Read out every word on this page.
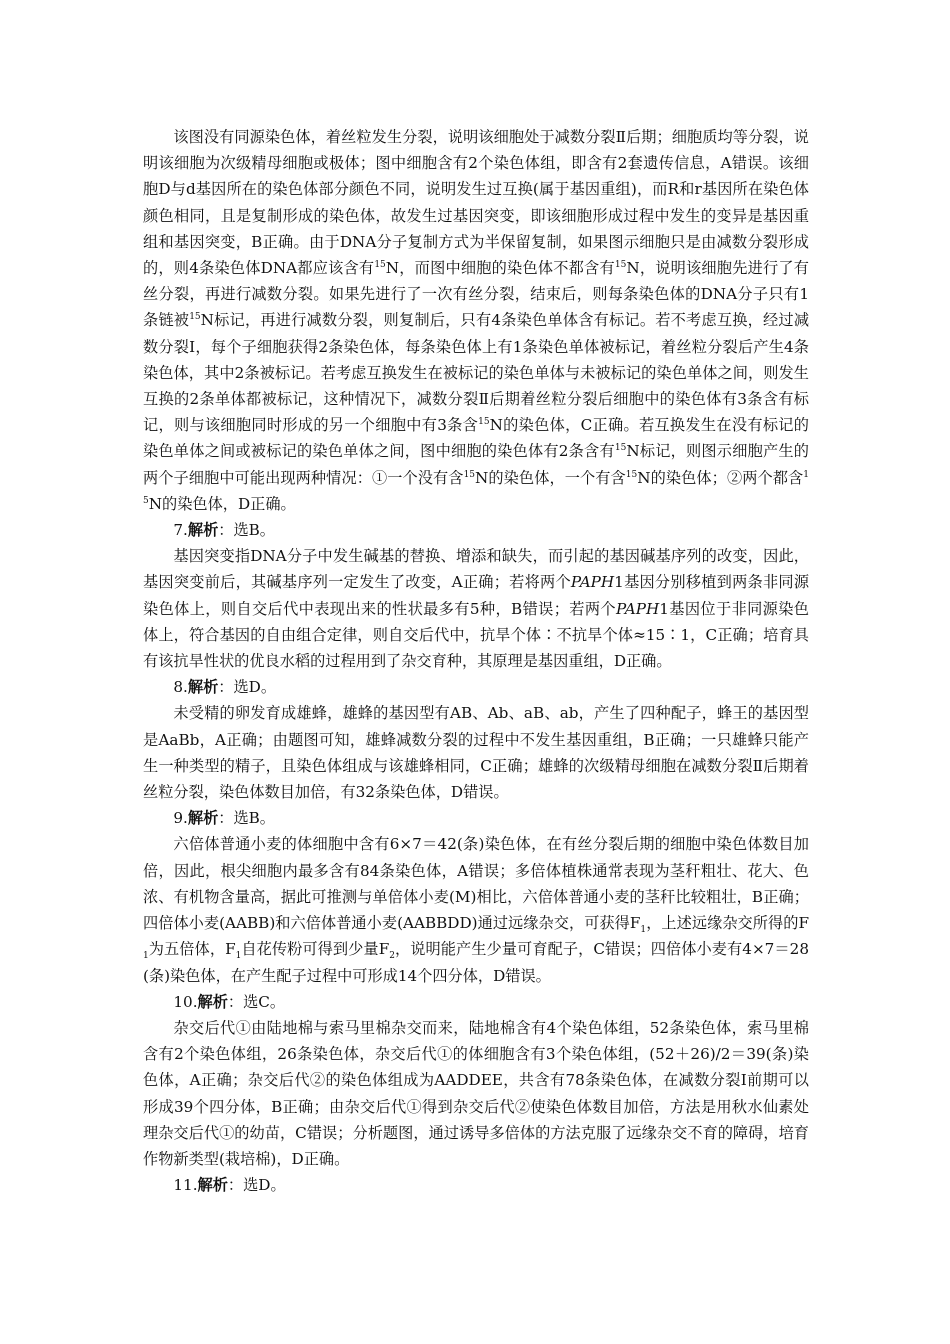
该图没有同源染色体，着丝粒发生分裂，说明该细胞处于减数分裂Ⅱ后期；细胞质均等分裂，说明该细胞为次级精母细胞或极体；图中细胞含有2个染色体组，即含有2套遗传信息，A错误。该细胞D与d基因所在的染色体部分颜色不同，说明发生过互换(属于基因重组)，而R和r基因所在染色体颜色相同，且是复制形成的染色体，故发生过基因突变，即该细胞形成过程中发生的变异是基因重组和基因突变，B正确。由于DNA分子复制方式为半保留复制，如果图示细胞只是由减数分裂形成的，则4条染色体DNA都应该含有$^{15}$N，而图中细胞的染色体不都含有$^{15}$N，说明该细胞先进行了有丝分裂，再进行减数分裂。如果先进行了一次有丝分裂，结束后，则每条染色体的DNA分子只有1条链被$^{15}$N标记，再进行减数分裂，则复制后，只有4条染色单体含有标记。若不考虑互换，经过减数分裂Ⅰ，每个子细胞获得2条染色体，每条染色体上有1条染色单体被标记，着丝粒分裂后产生4条染色体，其中2条被标记。若考虑互换发生在被标记的染色单体与未被标记的染色单体之间，则发生互换的2条单体都被标记，这种情况下，减数分裂Ⅱ后期着丝粒分裂后细胞中的染色体有3条含有标记，则与该细胞同时形成的另一个细胞中有3条含$^{15}$N的染色体，C正确。若互换发生在没有标记的染色单体之间或被标记的染色单体之间，图中细胞的染色体有2条含有$^{15}$N标记，则图示细胞产生的两个子细胞中可能出现两种情况：①一个没有含$^{15}$N的染色体，一个有含$^{15}$N的染色体；②两个都含$^{15}$N的染色体，D正确。

7.解析：选B。

基因突变指DNA分子中发生碱基的替换、增添和缺失，而引起的基因碱基序列的改变，因此，基因突变前后，其碱基序列一定发生了改变，A正确；若将两个PAPH1基因分别移植到两条非同源染色体上，则自交后代中表现出来的性状最多有5种，B错误；若两个PAPH1基因位于非同源染色体上，符合基因的自由组合定律，则自交后代中，抗旱个体∶不抗旱个体≈15∶1，C正确；培育具有该抗旱性状的优良水稻的过程用到了杂交育种，其原理是基因重组，D正确。

8.解析：选D。

未受精的卵发育成雄蜂，雄蜂的基因型有AB、Ab、aB、ab，产生了四种配子，蜂王的基因型是AaBb，A正确；由题图可知，雄蜂减数分裂的过程中不发生基因重组，B正确；一只雄蜂只能产生一种类型的精子，且染色体组成与该雄蜂相同，C正确；雄蜂的次级精母细胞在减数分裂Ⅱ后期着丝粒分裂，染色体数目加倍，有32条染色体，D错误。

9.解析：选B。

六倍体普通小麦的体细胞中含有6×7＝42(条)染色体，在有丝分裂后期的细胞中染色体数目加倍，因此，根尖细胞内最多含有84条染色体，A错误；多倍体植株通常表现为茎秆粗壮、花大、色浓、有机物含量高，据此可推测与单倍体小麦(M)相比，六倍体普通小麦的茎秆比较粗壮，B正确；四倍体小麦(AABB)和六倍体普通小麦(AABBDD)通过远缘杂交，可获得$F_1$，上述远缘杂交所得的$F_1$为五倍体，$F_1$自花传粉可得到少量$F_2$，说明能产生少量可育配子，C错误；四倍体小麦有4×7＝28(条)染色体，在产生配子过程中可形成14个四分体，D错误。

10.解析：选C。

杂交后代①由陆地棉与索马里棉杂交而来，陆地棉含有4个染色体组，52条染色体，索马里棉含有2个染色体组，26条染色体，杂交后代①的体细胞含有3个染色体组，(52＋26)/2＝39(条)染色体，A正确；杂交后代②的染色体组成为AADDEE，共含有78条染色体，在减数分裂Ⅰ前期可以形成39个四分体，B正确；由杂交后代①得到杂交后代②使染色体数目加倍，方法是用秋水仙素处理杂交后代①的幼苗，C错误；分析题图，通过诱导多倍体的方法克服了远缘杂交不育的障碍，培育作物新类型(栽培棉)，D正确。

11.解析：选D。
